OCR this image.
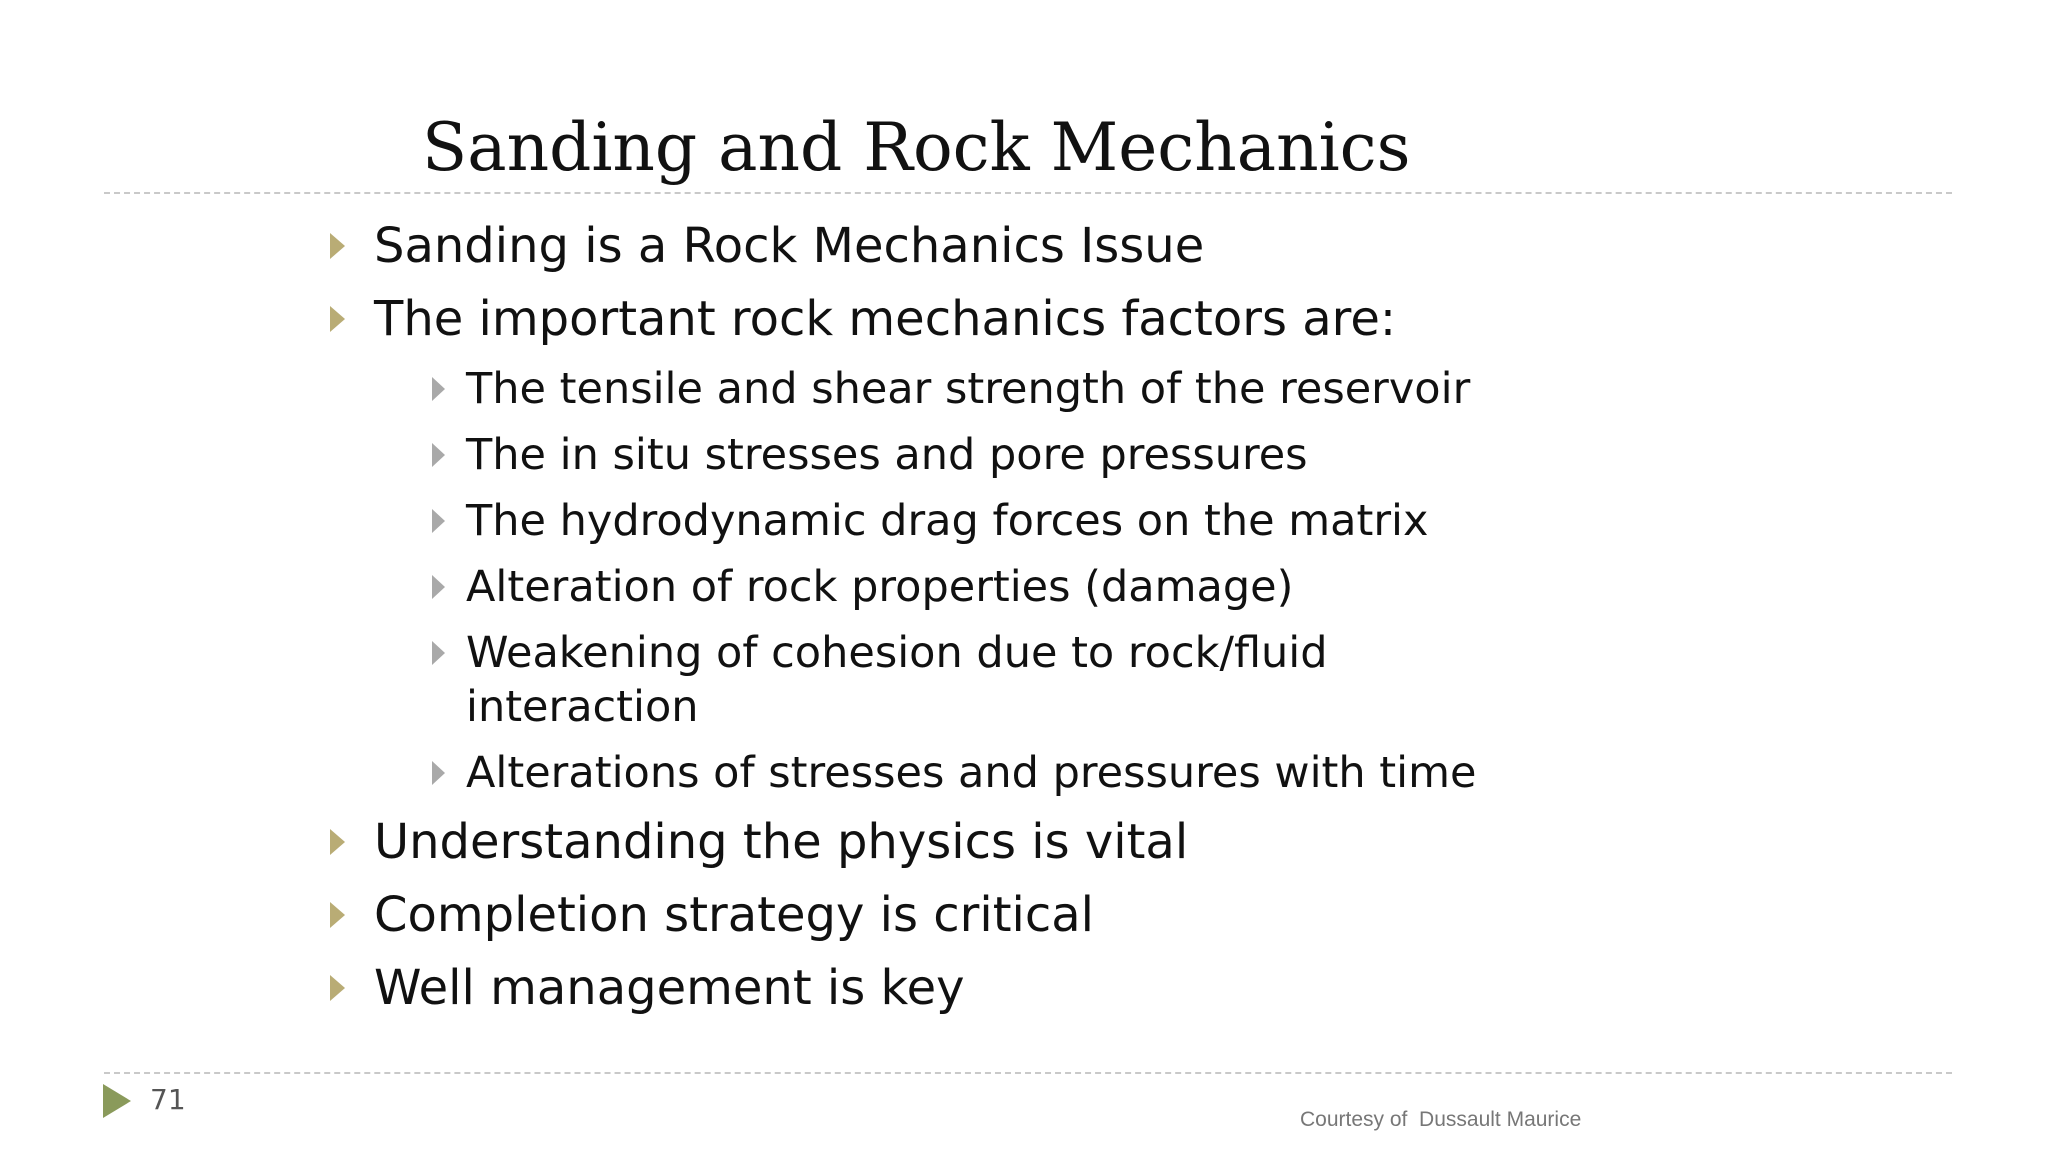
Sanding and Rock Mechanics
Sanding is a Rock Mechanics Issue
The important rock mechanics factors are:
The tensile and shear strength of the reservoir
The in situ stresses and pore pressures
The hydrodynamic drag forces on the matrix
Alteration of rock properties (damage)
Weakening of cohesion due to rock/fluid interaction
Alterations of stresses and pressures with time
Understanding the physics is vital
Completion strategy is critical
Well management is key
71
Courtesy of  Dussault Maurice
